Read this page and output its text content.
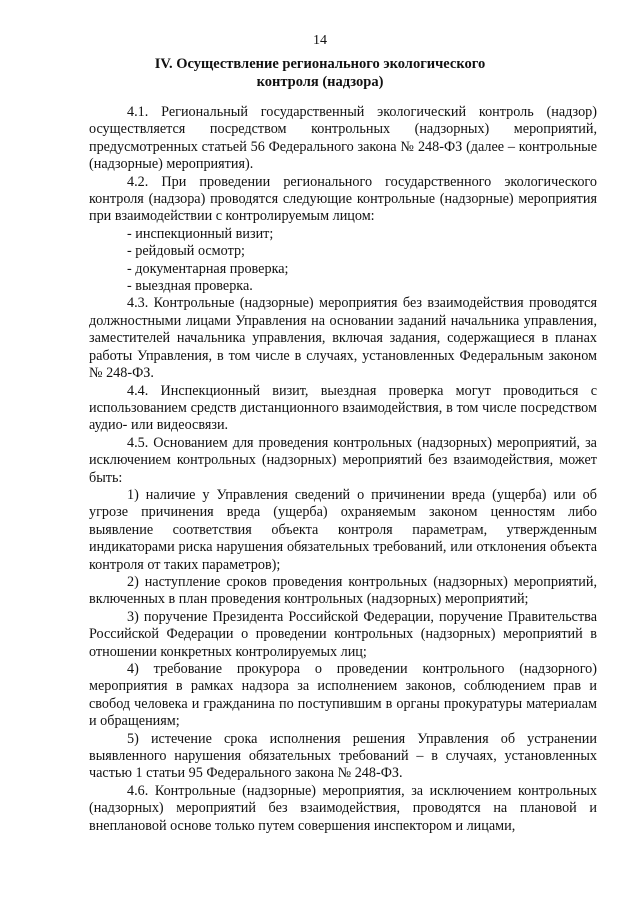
14
IV. Осуществление регионального экологического
контроля (надзора)

4.1. Региональный государственный экологический контроль (надзор) осуществляется посредством контрольных (надзорных) мероприятий, предусмотренных статьей 56 Федерального закона № 248-ФЗ (далее – контрольные (надзорные) мероприятия).

4.2. При проведении регионального государственного экологического контроля (надзора) проводятся следующие контрольные (надзорные) мероприятия при взаимодействии с контролируемым лицом:

- инспекционный визит;

- рейдовый осмотр;

- документарная проверка;

- выездная проверка.

4.3. Контрольные (надзорные) мероприятия без взаимодействия проводятся должностными лицами Управления на основании заданий начальника управления, заместителей начальника управления, включая задания, содержащиеся в планах работы Управления, в том числе в случаях, установленных Федеральным законом № 248-ФЗ.

4.4. Инспекционный визит, выездная проверка могут проводиться с использованием средств дистанционного взаимодействия, в том числе посредством аудио- или видеосвязи.

4.5. Основанием для проведения контрольных (надзорных) мероприятий, за исключением контрольных (надзорных) мероприятий без взаимодействия, может быть:

1) наличие у Управления сведений о причинении вреда (ущерба) или об угрозе причинения вреда (ущерба) охраняемым законом ценностям либо выявление соответствия объекта контроля параметрам, утвержденным индикаторами риска нарушения обязательных требований, или отклонения объекта контроля от таких параметров);

2) наступление сроков проведения контрольных (надзорных) мероприятий, включенных в план проведения контрольных (надзорных) мероприятий;

3) поручение Президента Российской Федерации, поручение Правительства Российской Федерации о проведении контрольных (надзорных) мероприятий в отношении конкретных контролируемых лиц;

4) требование прокурора о проведении контрольного (надзорного) мероприятия в рамках надзора за исполнением законов, соблюдением прав и свобод человека и гражданина по поступившим в органы прокуратуры материалам и обращениям;

5) истечение срока исполнения решения Управления об устранении выявленного нарушения обязательных требований – в случаях, установленных частью 1 статьи 95 Федерального закона № 248-ФЗ.

4.6. Контрольные (надзорные) мероприятия, за исключением контрольных (надзорных) мероприятий без взаимодействия, проводятся на плановой и внеплановой основе только путем совершения инспектором и лицами,
